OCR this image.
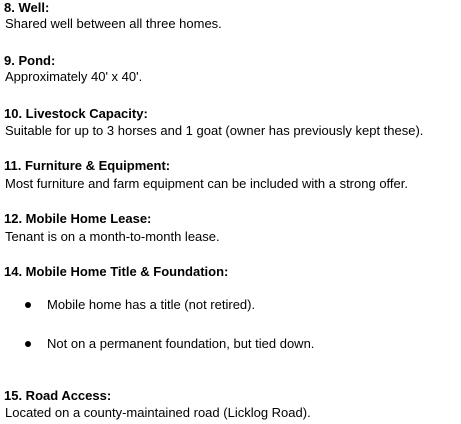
8. Well:
Shared well between all three homes.
9. Pond:
Approximately 40' x 40'.
10. Livestock Capacity:
Suitable for up to 3 horses and 1 goat (owner has previously kept these).
11. Furniture & Equipment:
Most furniture and farm equipment can be included with a strong offer.
12. Mobile Home Lease:
Tenant is on a month-to-month lease.
14. Mobile Home Title & Foundation:
Mobile home has a title (not retired).
Not on a permanent foundation, but tied down.
15. Road Access:
Located on a county-maintained road (Licklog Road).
